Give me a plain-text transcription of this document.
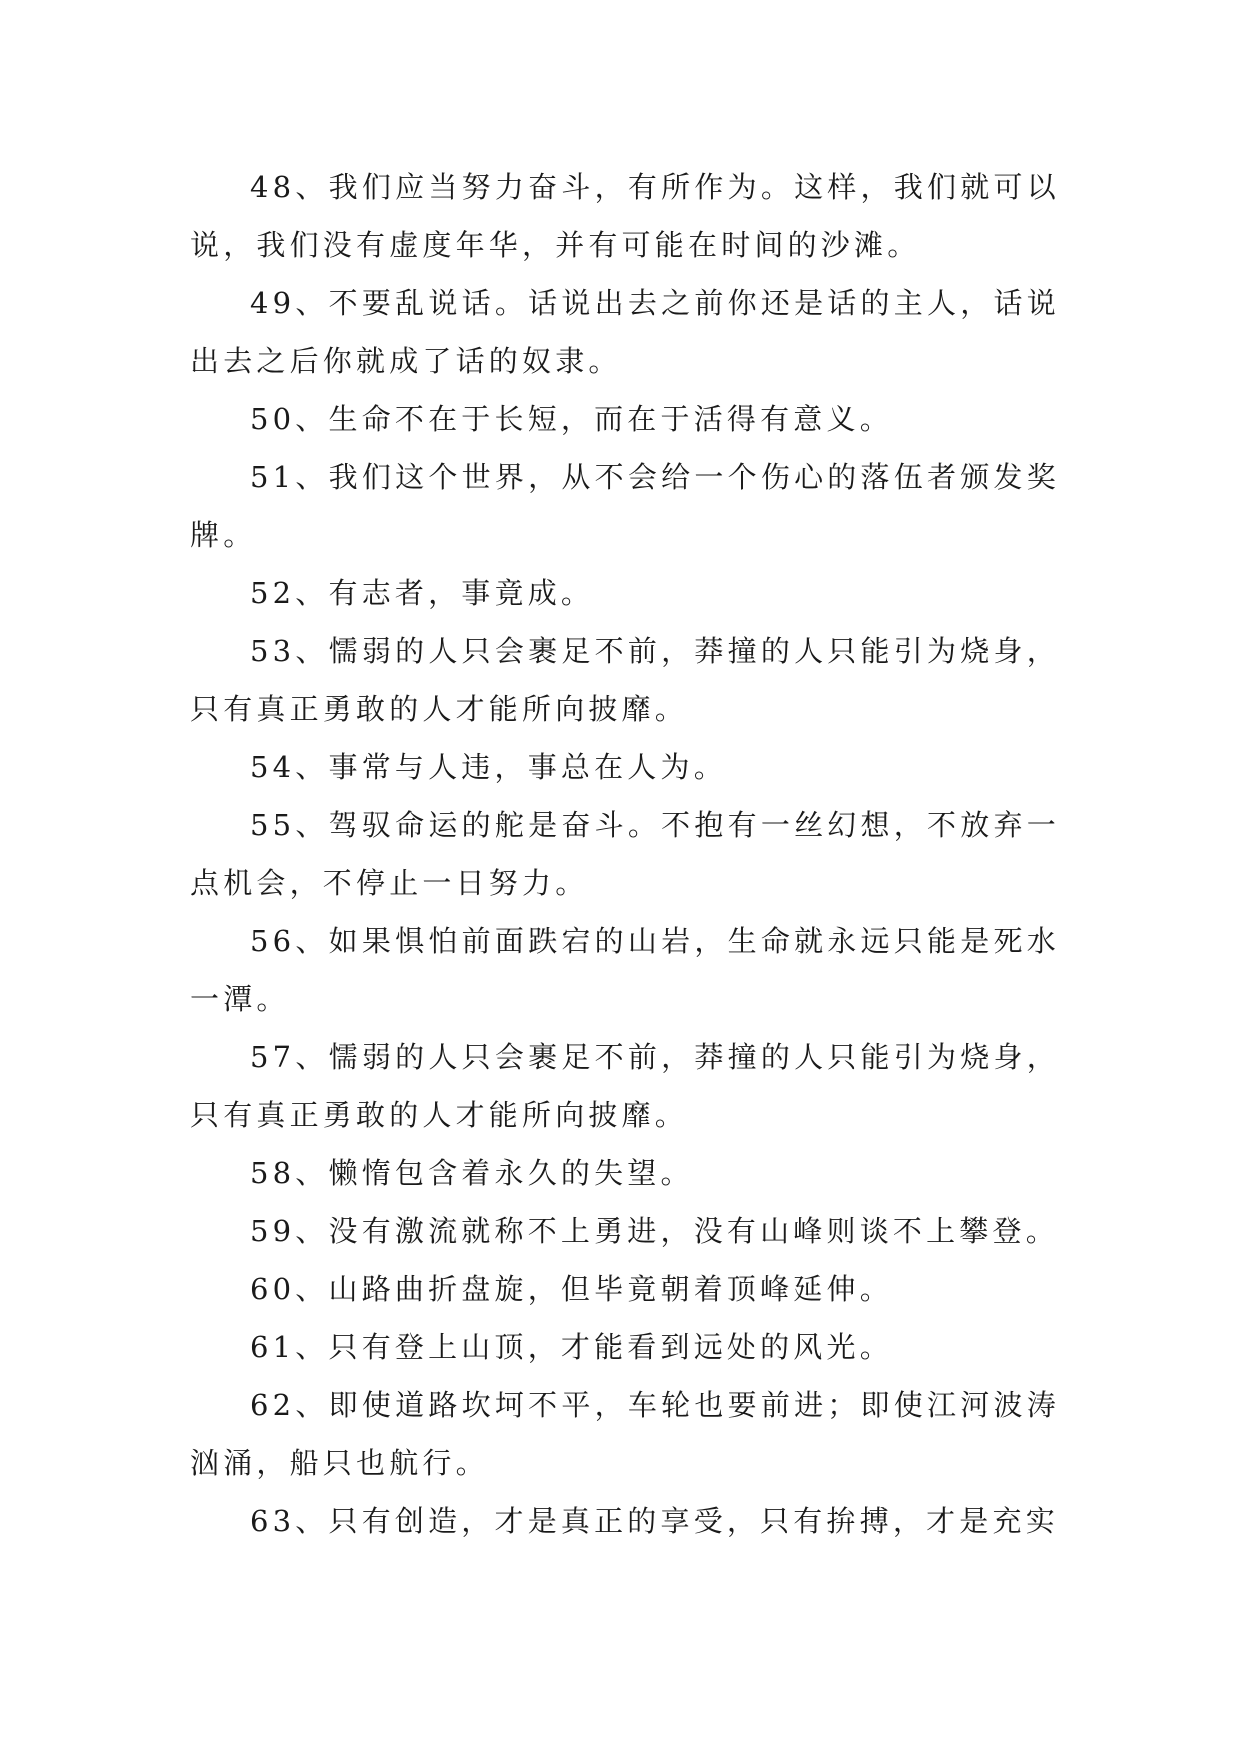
48、我们应当努力奋斗，有所作为。这样，我们就可以说，我们没有虚度年华，并有可能在时间的沙滩。

49、不要乱说话。话说出去之前你还是话的主人，话说出去之后你就成了话的奴隶。

50、生命不在于长短，而在于活得有意义。

51、我们这个世界，从不会给一个伤心的落伍者颁发奖牌。

52、有志者，事竟成。

53、懦弱的人只会裹足不前，莽撞的人只能引为烧身，只有真正勇敢的人才能所向披靡。

54、事常与人违，事总在人为。

55、驾驭命运的舵是奋斗。不抱有一丝幻想，不放弃一点机会，不停止一日努力。

56、如果惧怕前面跌宕的山岩，生命就永远只能是死水一潭。

57、懦弱的人只会裹足不前，莽撞的人只能引为烧身，只有真正勇敢的人才能所向披靡。

58、懒惰包含着永久的失望。

59、没有激流就称不上勇进，没有山峰则谈不上攀登。

60、山路曲折盘旋，但毕竟朝着顶峰延伸。

61、只有登上山顶，才能看到远处的风光。

62、即使道路坎坷不平，车轮也要前进；即使江河波涛汹涌，船只也航行。

63、只有创造，才是真正的享受，只有拚搏，才是充实
